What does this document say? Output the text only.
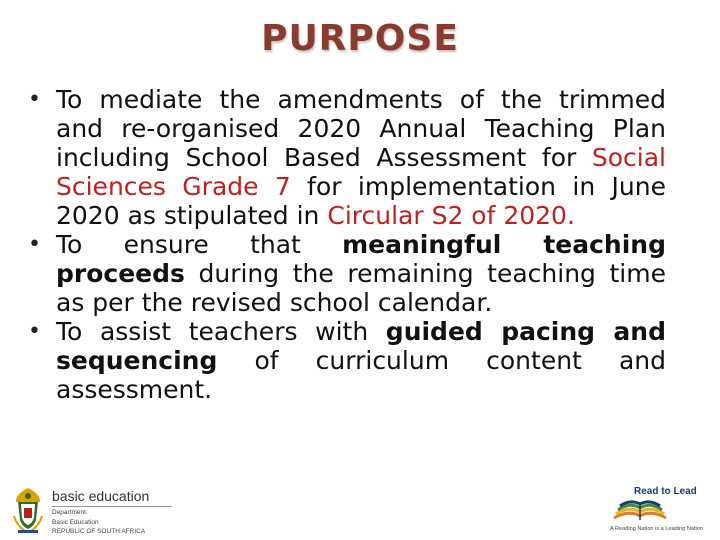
PURPOSE
• To mediate the amendments of the trimmed and re-organised 2020 Annual Teaching Plan including School Based Assessment for Social Sciences Grade 7 for implementation in June 2020 as stipulated in Circular S2 of 2020.
• To ensure that meaningful teaching proceeds during the remaining teaching time as per the revised school calendar.
• To assist teachers with guided pacing and sequencing of curriculum content and assessment.
basic education
Department:
Basic Education
REPUBLIC OF SOUTH AFRICA
Read to Lead
A Reading Nation is a Leading Nation
